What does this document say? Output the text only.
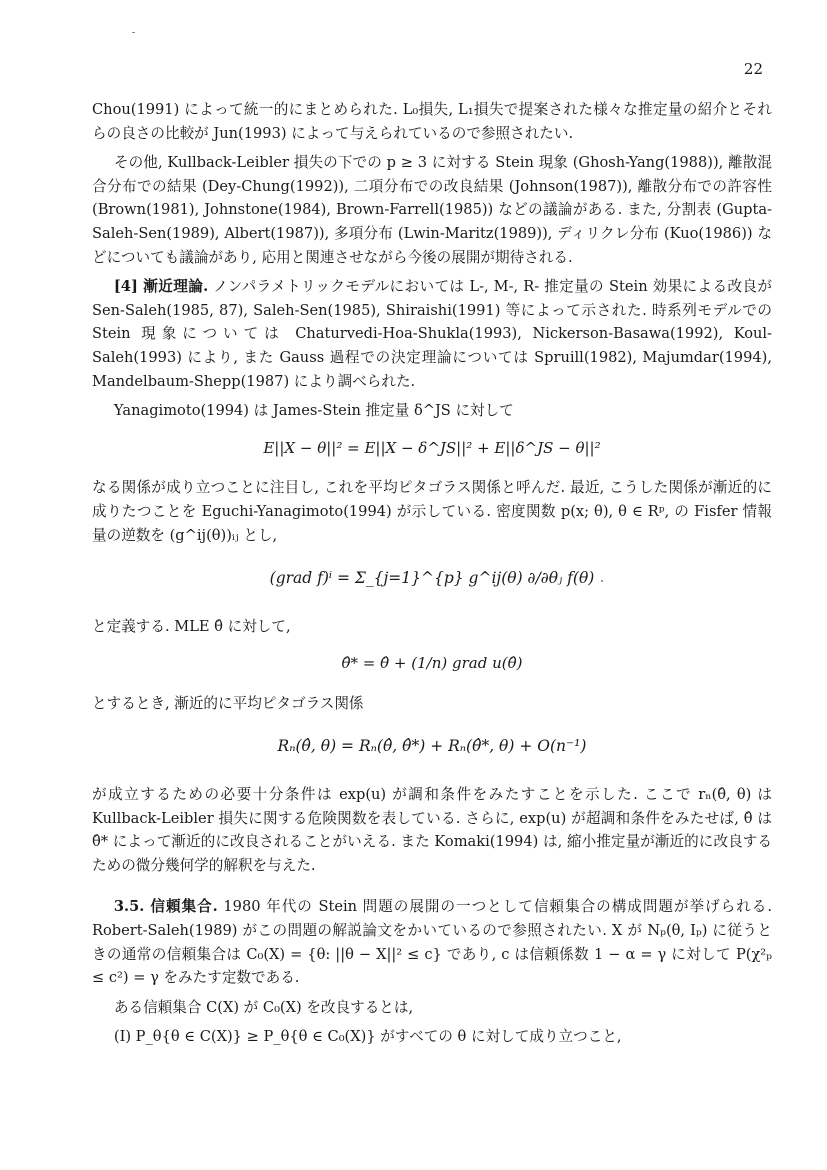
22

Chou(1991) によって統一的にまとめられた. L₀損失, L₁損失で提案された様々な推定量の紹介とそれらの良さの比較が Jun(1993) によって与えられているので参照されたい.

その他, Kullback-Leibler 損失の下での p ≥ 3 に対する Stein 現象 (Ghosh-Yang(1988)), 離散混合分布での結果 (Dey-Chung(1992)), 二項分布での改良結果 (Johnson(1987)), 離散分布での許容性 (Brown(1981), Johnstone(1984), Brown-Farrell(1985)) などの議論がある. また, 分割表 (Gupta-Saleh-Sen(1989), Albert(1987)), 多項分布 (Lwin-Maritz(1989)), ディリクレ分布 (Kuo(1986)) などについても議論があり, 応用と関連させながら今後の展開が期待される.

[4] 漸近理論. ノンパラメトリックモデルにおいては L-, M-, R- 推定量の Stein 効果による改良が Sen-Saleh(1985, 87), Saleh-Sen(1985), Shiraishi(1991) 等によって示された. 時系列モデルでの Stein 現象については Chaturvedi-Hoa-Shukla(1993), Nickerson-Basawa(1992), Koul-Saleh(1993) により, また Gauss 過程での決定理論については Spruill(1982), Majumdar(1994), Mandelbaum-Shepp(1987) により調べられた.

Yanagimoto(1994) は James-Stein 推定量 δ^JS に対して

E||X − θ||² = E||X − δ^JS||² + E||δ^JS − θ||²

なる関係が成り立つことに注目し, これを平均ピタゴラス関係と呼んだ. 最近, こうした関係が漸近的に成りたつことを Eguchi-Yanagimoto(1994) が示している. 密度関数 p(x; θ), θ ∈ Rᵖ, の Fisfer 情報量の逆数を (g^ij(θ))ᵢⱼ とし,

(grad f)ⁱ = Σ_{j=1}^{p} g^ij(θ) ∂/∂θⱼ f(θ)

と定義する. MLE θ̂ に対して,

θ̂* = θ̂ + (1/n) grad u(θ̂)

とするとき, 漸近的に平均ピタゴラス関係

Rₙ(θ̂, θ) = Rₙ(θ̂, θ̂*) + Rₙ(θ̂*, θ) + O(n⁻¹)

が成立するための必要十分条件は exp(u) が調和条件をみたすことを示した. ここで rₙ(θ̂, θ) は Kullback-Leibler 損失に関する危険関数を表している. さらに, exp(u) が超調和条件をみたせば, θ̂ は θ̂* によって漸近的に改良されることがいえる. また Komaki(1994) は, 縮小推定量が漸近的に改良するための微分幾何学的解釈を与えた.

3.5. 信頼集合. 1980 年代の Stein 問題の展開の一つとして信頼集合の構成問題が挙げられる. Robert-Saleh(1989) がこの問題の解説論文をかいているので参照されたい. X が Nₚ(θ, Iₚ) に従うときの通常の信頼集合は C₀(X) = {θ: ||θ − X||² ≤ c} であり, c は信頼係数 1 − α = γ に対して P(χ²ₚ ≤ c²) = γ をみたす定数である.

ある信頼集合 C(X) が C₀(X) を改良するとは,

(I) P_θ{θ ∈ C(X)} ≥ P_θ{θ ∈ C₀(X)} がすべての θ に対して成り立つこと,
